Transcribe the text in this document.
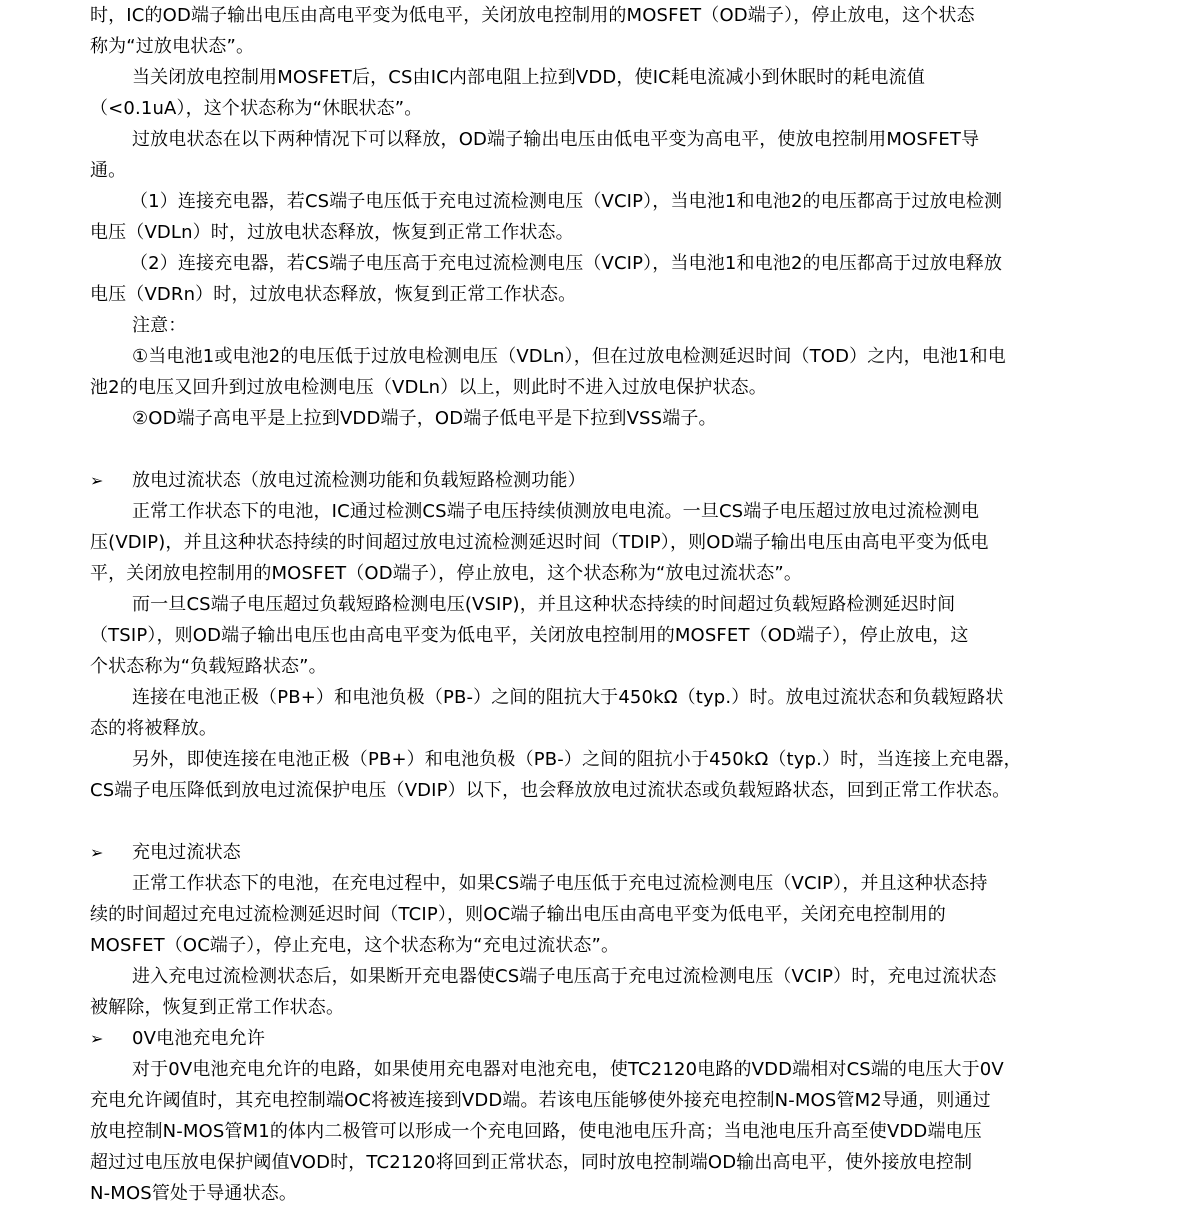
时，IC的OD端子输出电压由高电平变为低电平，关闭放电控制用的MOSFET（OD端子），停止放电，这个状态
称为“过放电状态”。
当关闭放电控制用MOSFET后，CS由IC内部电阻上拉到VDD，使IC耗电流减小到休眠时的耗电流值
（<0.1uA），这个状态称为“休眠状态”。
过放电状态在以下两种情况下可以释放，OD端子输出电压由低电平变为高电平，使放电控制用MOSFET导
通。
（1）连接充电器，若CS端子电压低于充电过流检测电压（VCIP），当电池1和电池2的电压都高于过放电检测
电压（VDLn）时，过放电状态释放，恢复到正常工作状态。
（2）连接充电器，若CS端子电压高于充电过流检测电压（VCIP），当电池1和电池2的电压都高于过放电释放
电压（VDRn）时，过放电状态释放，恢复到正常工作状态。
注意：
①当电池1或电池2的电压低于过放电检测电压（VDLn），但在过放电检测延迟时间（TOD）之内，电池1和电
池2的电压又回升到过放电检测电压（VDLn）以上，则此时不进入过放电保护状态。
②OD端子高电平是上拉到VDD端子，OD端子低电平是下拉到VSS端子。
➢	放电过流状态（放电过流检测功能和负载短路检测功能）
正常工作状态下的电池，IC通过检测CS端子电压持续侦测放电电流。一旦CS端子电压超过放电过流检测电
压(VDIP)，并且这种状态持续的时间超过放电过流检测延迟时间（TDIP），则OD端子输出电压由高电平变为低电
平，关闭放电控制用的MOSFET（OD端子），停止放电，这个状态称为“放电过流状态”。
而一旦CS端子电压超过负载短路检测电压(VSIP)，并且这种状态持续的时间超过负载短路检测延迟时间
（TSIP），则OD端子输出电压也由高电平变为低电平，关闭放电控制用的MOSFET（OD端子），停止放电，这
个状态称为“负载短路状态”。
连接在电池正极（PB+）和电池负极（PB-）之间的阻抗大于450kΩ（typ.）时。放电过流状态和负载短路状
态的将被释放。
另外，即使连接在电池正极（PB+）和电池负极（PB-）之间的阻抗小于450kΩ（typ.）时，当连接上充电器，
CS端子电压降低到放电过流保护电压（VDIP）以下，也会释放放电过流状态或负载短路状态，回到正常工作状态。
➢	充电过流状态
正常工作状态下的电池，在充电过程中，如果CS端子电压低于充电过流检测电压（VCIP），并且这种状态持
续的时间超过充电过流检测延迟时间（TCIP），则OC端子输出电压由高电平变为低电平，关闭充电控制用的
MOSFET（OC端子），停止充电，这个状态称为“充电过流状态”。
进入充电过流检测状态后，如果断开充电器使CS端子电压高于充电过流检测电压（VCIP）时，充电过流状态
被解除，恢复到正常工作状态。
➢	0V电池充电允许
对于0V电池充电允许的电路，如果使用充电器对电池充电，使TC2120电路的VDD端相对CS端的电压大于0V
充电允许阈值时，其充电控制端OC将被连接到VDD端。若该电压能够使外接充电控制N-MOS管M2导通，则通过
放电控制N-MOS管M1的体内二极管可以形成一个充电回路，使电池电压升高；当电池电压升高至使VDD端电压
超过过电压放电保护阈值VOD时，TC2120将回到正常状态，同时放电控制端OD输出高电平，使外接放电控制
N-MOS管处于导通状态。
